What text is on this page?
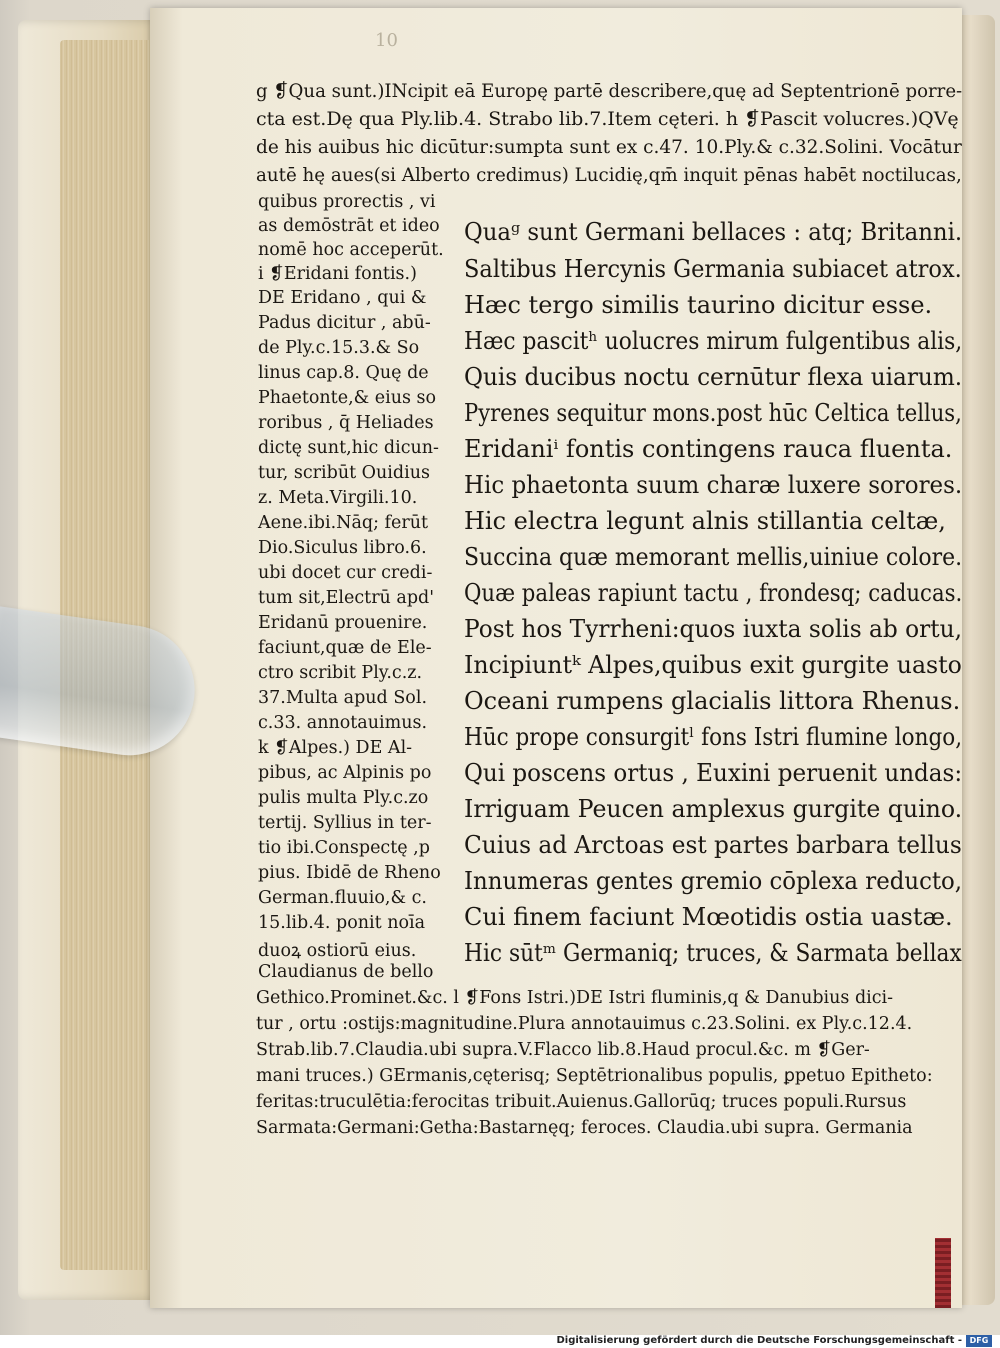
10
g ❡Qua sunt.)INcipit eā Europę partē describere,quę ad Septentrionē porre-
cta est.Dę qua Ply.lib.4. Strabo lib.7.Item cęteri. h ❡Pascit volucres.)QVę
de his auibus hic dicūtur:sumpta sunt ex c.47. 10.Ply.& c.32.Solini. Vocātur
autē hę aues(si Alberto credimus) Lucidię,qm̄ inquit pēnas habēt noctilucas,
quibus prorectis , vi
as demōstrāt et ideo
nomē hoc acceperūt.
i ❡Eridani fontis.)
DE Eridano , qui &
Padus dicitur , abū-
de Ply.c.15.3.& So
linus cap.8. Quę de
Phaetonte,& eius so
roribus , q̄ Heliades
dictę sunt,hic dicun-
tur, scribūt Ouidius
z. Meta.Virgili.10.
Aene.ibi.Nāq; ferūt
Dio.Siculus libro.6.
ubi docet cur credi-
tum sit,Electrū apd'
Eridanū prouenire.
faciunt,quæ de Ele-
ctro scribit Ply.c.z.
37.Multa apud Sol.
c.33. annotauimus.
k ❡Alpes.) DE Al-
pibus, ac Alpinis po
pulis multa Ply.c.zo
tertij. Syllius in ter-
tio ibi.Conspectę ,p
pius. Ibidē de Rheno
German.fluuio,& c.
15.lib.4. ponit noīa
duoꝝ ostiorū eius.
Claudianus de bello
Quaᵍ sunt Germani bellaces : atq; Britanni.
Saltibus Hercynis Germania subiacet atrox.
Hæc tergo similis taurino dicitur esse.
Hæc pascitʰ uolucres mirum fulgentibus alis,
Quis ducibus noctu cernūtur flexa uiarum.
Pyrenes sequitur mons.post hūc Celtica tellus,
Eridaniⁱ fontis contingens rauca fluenta.
Hic phaetonta suum charæ luxere sorores.
Hic electra legunt alnis stillantia celtæ,
Succina quæ memorant mellis,uiniue colore.
Quæ paleas rapiunt tactu , frondesq; caducas.
Post hos Tyrrheni:quos iuxta solis ab ortu,
Incipiuntᵏ Alpes,quibus exit gurgite uasto
Oceani rumpens glacialis littora Rhenus.
Hūc prope consurgitˡ fons Istri flumine longo,
Qui poscens ortus , Euxini peruenit undas:
Irriguam Peucen amplexus gurgite quino.
Cuius ad Arctoas est partes barbara tellus
Innumeras gentes gremio cōplexa reducto,
Cui finem faciunt Mœotidis ostia uastæ.
Hic sūtᵐ Germaniq; truces, & Sarmata bellax
Gethico.Prominet.&c. l ❡Fons Istri.)DE Istri fluminis,q & Danubius dici-
tur , ortu :ostijs:magnitudine.Plura annotauimus c.23.Solini. ex Ply.c.12.4.
Strab.lib.7.Claudia.ubi supra.V.Flacco lib.8.Haud procul.&c. m ❡Ger-
mani truces.) GErmanis,cęterisq; Septētrionalibus populis, ꝑpetuo Epitheto:
feritas:truculētia:ferocitas tribuit.Auienus.Gallorūq; truces populi.Rursus
Sarmata:Germani:Getha:Bastarnęq; feroces. Claudia.ubi supra. Germania
Digitalisierung gefördert durch die Deutsche Forschungsgemeinschaft - DFG
